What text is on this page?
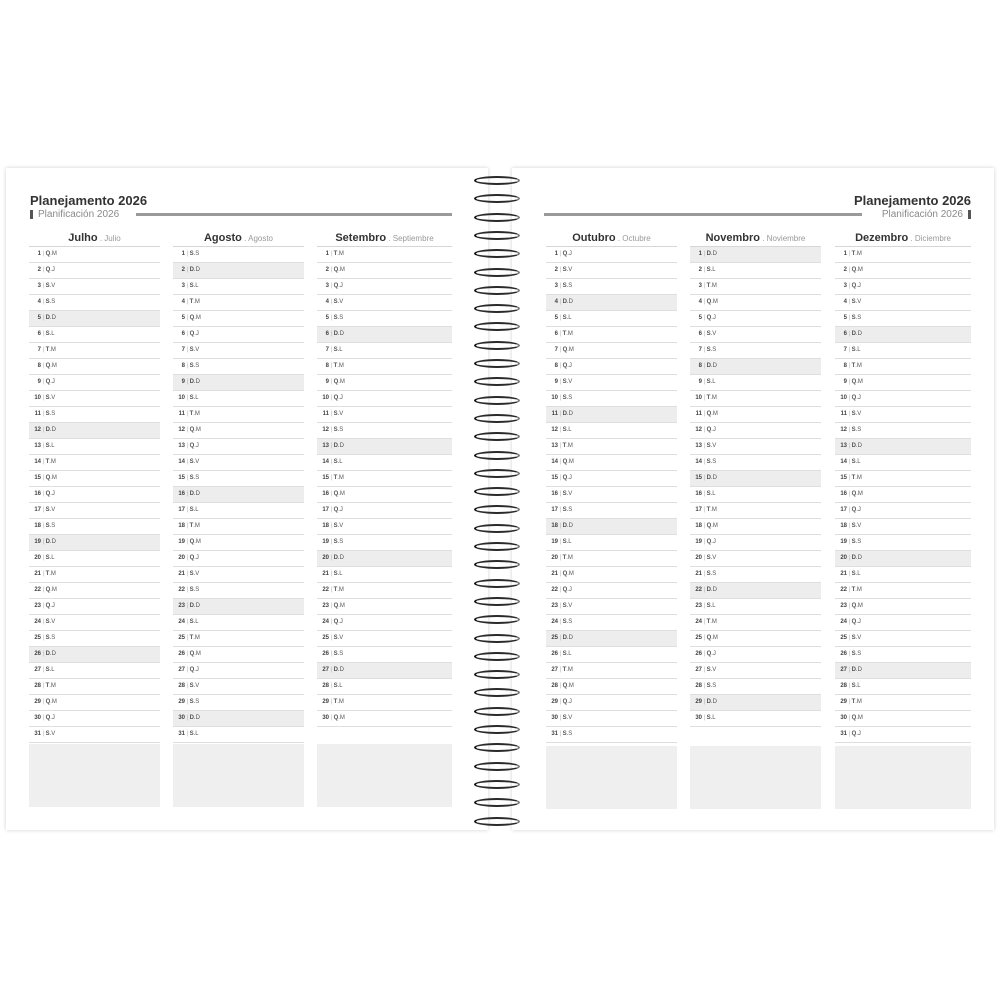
Planejamento 2026
Planificación 2026
Julho . Julio
1 |Q.M
2 |Q.J
3 |S.V
4 |S.S
5 |D.D
6 |S.L
7 |T.M
8 |Q.M
9 |Q.J
10 |S.V
11 |S.S
12 |D.D
13 |S.L
14 |T.M
15 |Q.M
16 |Q.J
17 |S.V
18 |S.S
19 |D.D
20 |S.L
21 |T.M
22 |Q.M
23 |Q.J
24 |S.V
25 |S.S
26 |D.D
27 |S.L
28 |T.M
29 |Q.M
30 |Q.J
31 |S.V
Agosto . Agosto
1 |S.S
2 |D.D
3 |S.L
4 |T.M
5 |Q.M
6 |Q.J
7 |S.V
8 |S.S
9 |D.D
10 |S.L
11 |T.M
12 |Q.M
13 |Q.J
14 |S.V
15 |S.S
16 |D.D
17 |S.L
18 |T.M
19 |Q.M
20 |Q.J
21 |S.V
22 |S.S
23 |D.D
24 |S.L
25 |T.M
26 |Q.M
27 |Q.J
28 |S.V
29 |S.S
30 |D.D
31 |S.L
Setembro . Septiembre
1 |T.M
2 |Q.M
3 |Q.J
4 |S.V
5 |S.S
6 |D.D
7 |S.L
8 |T.M
9 |Q.M
10 |Q.J
11 |S.V
12 |S.S
13 |D.D
14 |S.L
15 |T.M
16 |Q.M
17 |Q.J
18 |S.V
19 |S.S
20 |D.D
21 |S.L
22 |T.M
23 |Q.M
24 |Q.J
25 |S.V
26 |S.S
27 |D.D
28 |S.L
29 |T.M
30 |Q.M
Planejamento 2026
Planificación 2026
Outubro . Octubre
1 |Q.J
2 |S.V
3 |S.S
4 |D.D
5 |S.L
6 |T.M
7 |Q.M
8 |Q.J
9 |S.V
10 |S.S
11 |D.D
12 |S.L
13 |T.M
14 |Q.M
15 |Q.J
16 |S.V
17 |S.S
18 |D.D
19 |S.L
20 |T.M
21 |Q.M
22 |Q.J
23 |S.V
24 |S.S
25 |D.D
26 |S.L
27 |T.M
28 |Q.M
29 |Q.J
30 |S.V
31 |S.S
Novembro . Noviembre
1 |D.D
2 |S.L
3 |T.M
4 |Q.M
5 |Q.J
6 |S.V
7 |S.S
8 |D.D
9 |S.L
10 |T.M
11 |Q.M
12 |Q.J
13 |S.V
14 |S.S
15 |D.D
16 |S.L
17 |T.M
18 |Q.M
19 |Q.J
20 |S.V
21 |S.S
22 |D.D
23 |S.L
24 |T.M
25 |Q.M
26 |Q.J
27 |S.V
28 |S.S
29 |D.D
30 |S.L
Dezembro . Diciembre
1 |T.M
2 |Q.M
3 |Q.J
4 |S.V
5 |S.S
6 |D.D
7 |S.L
8 |T.M
9 |Q.M
10 |Q.J
11 |S.V
12 |S.S
13 |D.D
14 |S.L
15 |T.M
16 |Q.M
17 |Q.J
18 |S.V
19 |S.S
20 |D.D
21 |S.L
22 |T.M
23 |Q.M
24 |Q.J
25 |S.V
26 |S.S
27 |D.D
28 |S.L
29 |T.M
30 |Q.M
31 |Q.J
